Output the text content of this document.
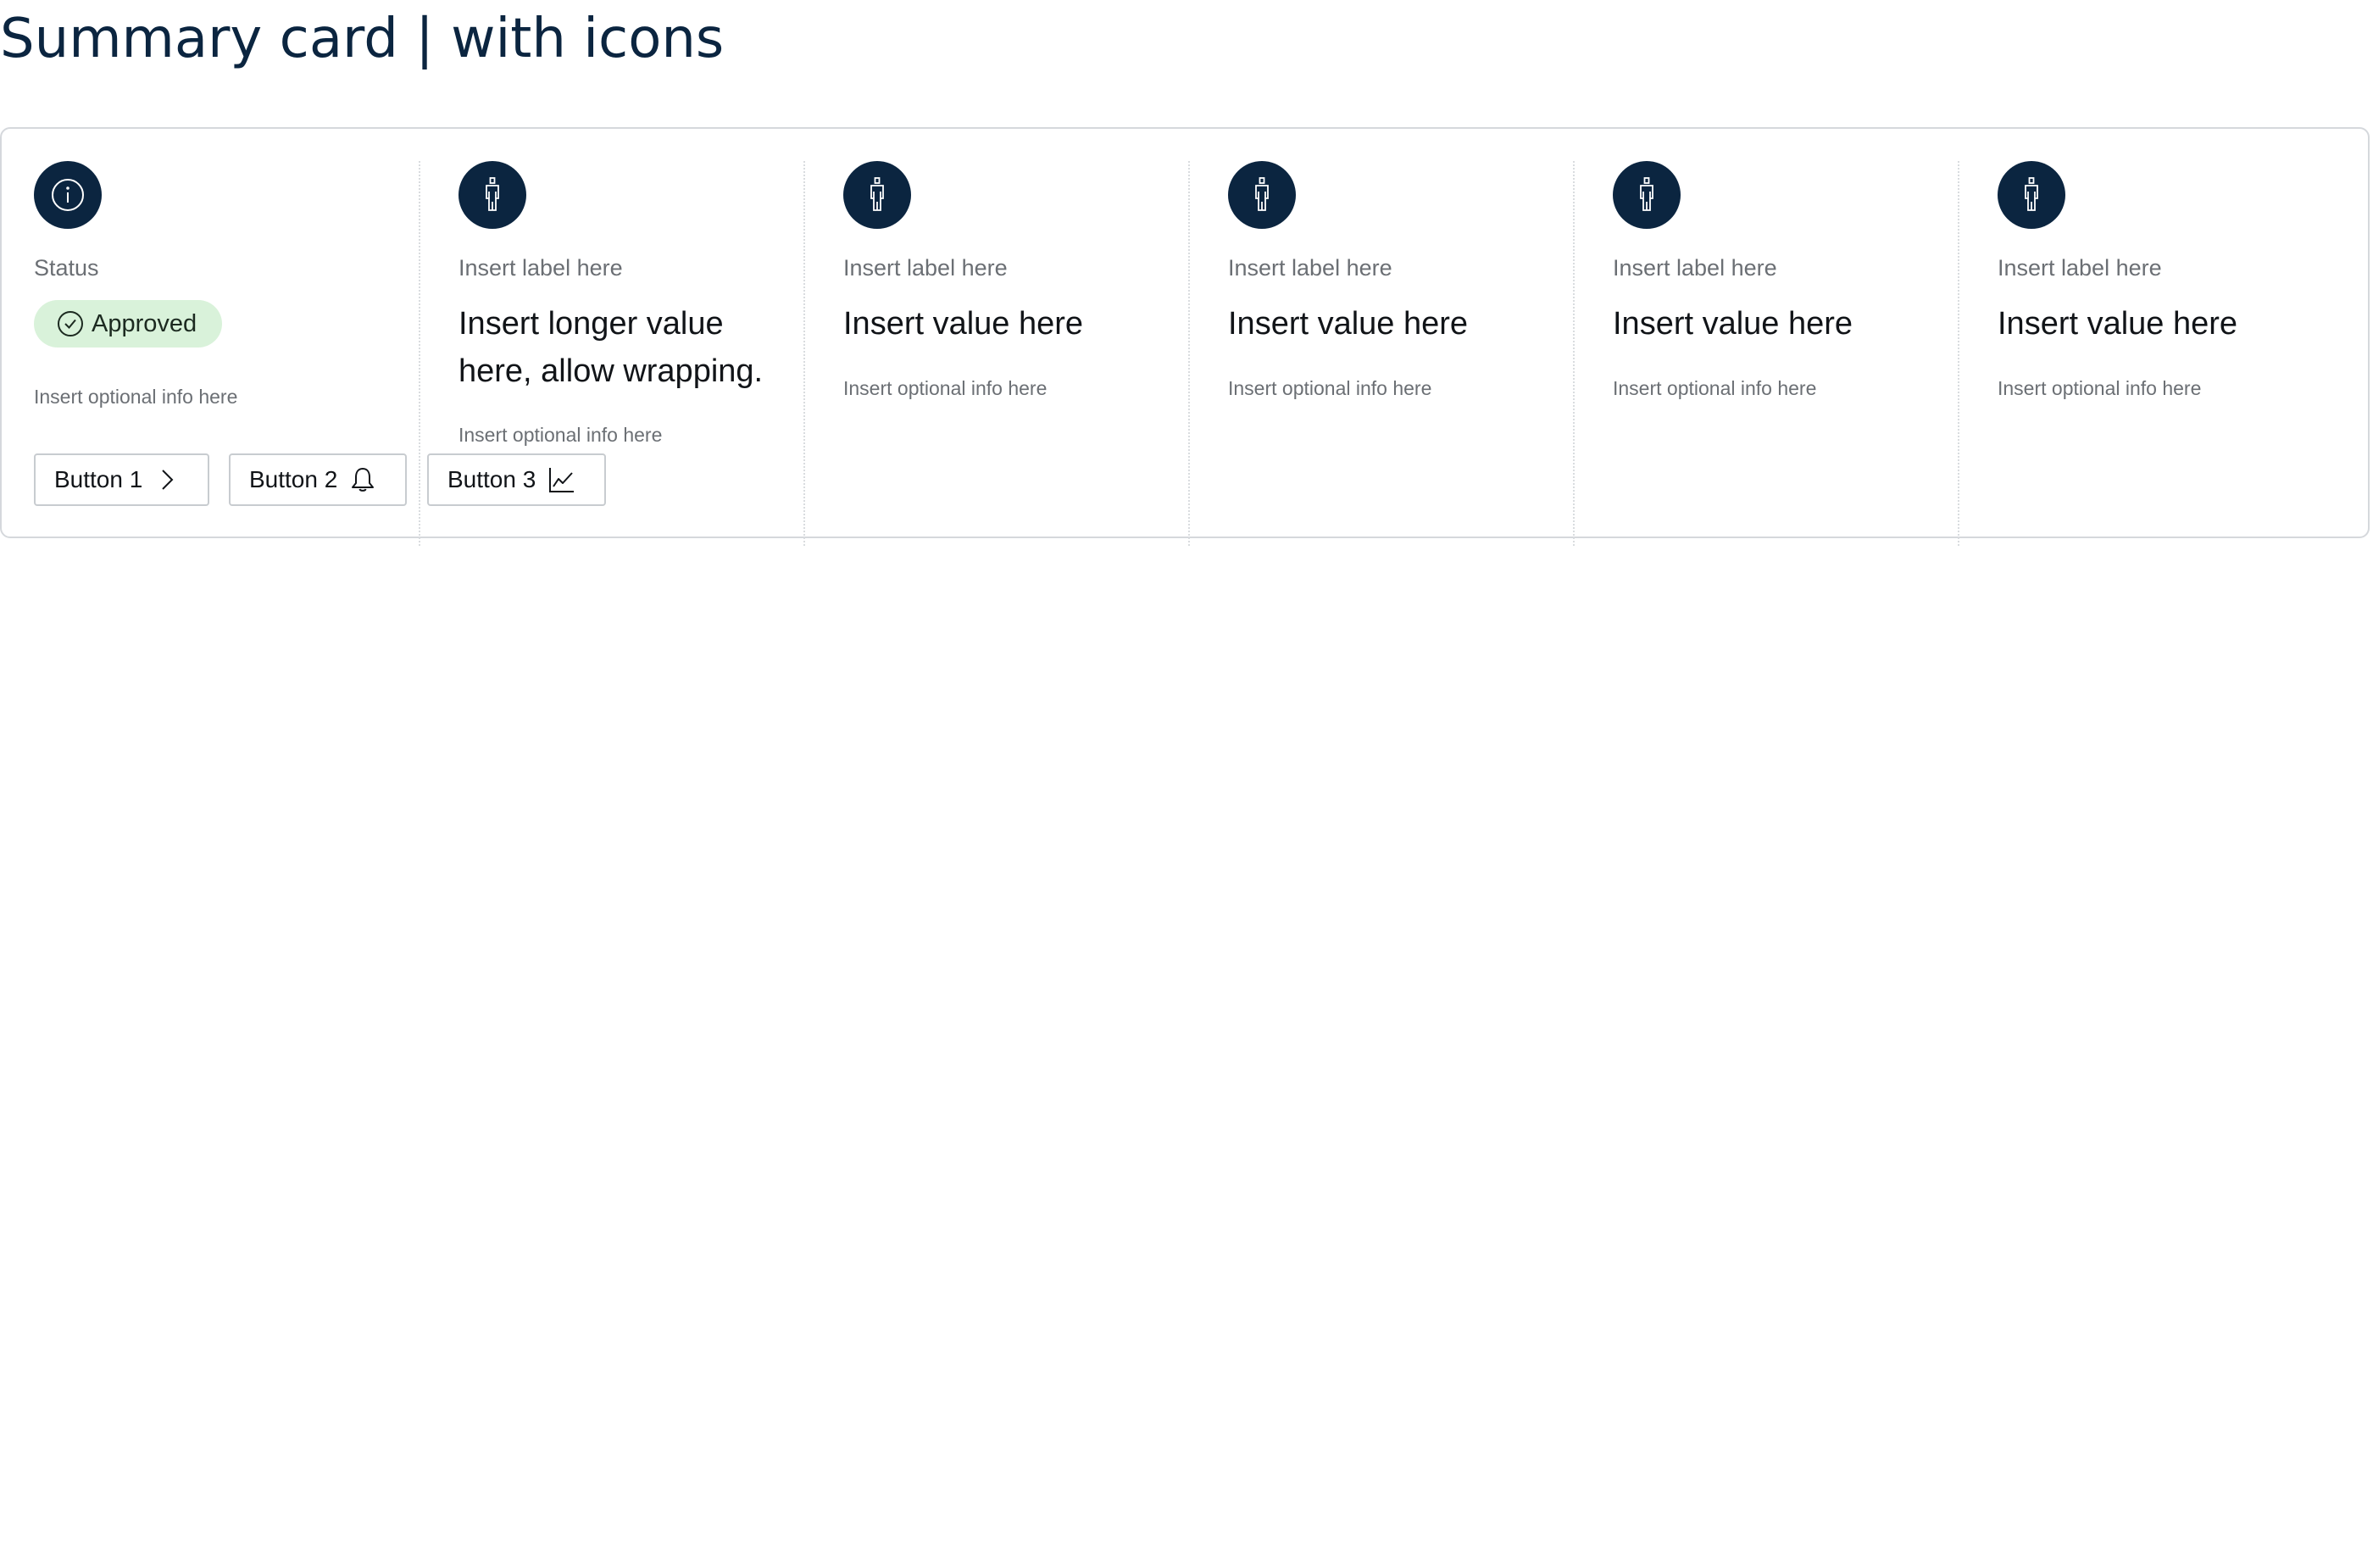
Summary card | with icons
Status
Approved
Insert optional info here
Insert label here
Insert longer value here, allow wrapping.
Insert optional info here
Insert label here
Insert value here
Insert optional info here
Insert label here
Insert value here
Insert optional info here
Insert label here
Insert value here
Insert optional info here
Insert label here
Insert value here
Insert optional info here
Button 1	Button 2	Button 3
